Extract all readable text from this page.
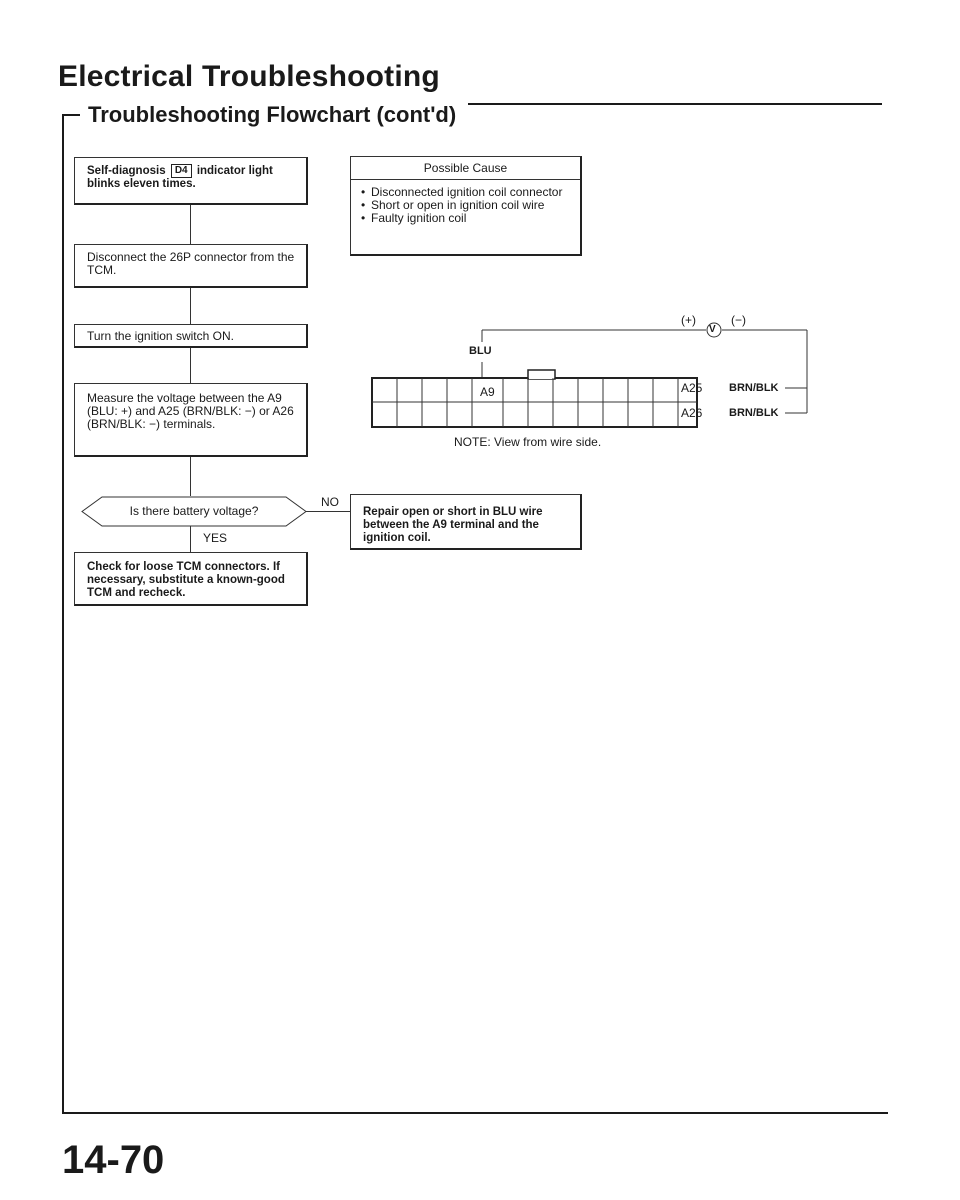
Electrical Troubleshooting
Troubleshooting Flowchart (cont'd)
Self-diagnosis D4 indicator light blinks eleven times.
Disconnect the 26P connector from the TCM.
Turn the ignition switch ON.
Measure the voltage between the A9 (BLU: +) and A25 (BRN/BLK: −) or A26 (BRN/BLK: −) terminals.
Is there battery voltage?
NO
YES
Check for loose TCM connectors. If necessary, substitute a known-good TCM and recheck.
Repair open or short in BLU wire between the A9 terminal and the ignition coil.
Possible Cause
• Disconnected ignition coil connector
• Short or open in ignition coil wire
• Faulty ignition coil
(+)	(−)
V
BLU
A9	A25
A26
BRN/BLK
BRN/BLK
NOTE: View from wire side.
14-70
